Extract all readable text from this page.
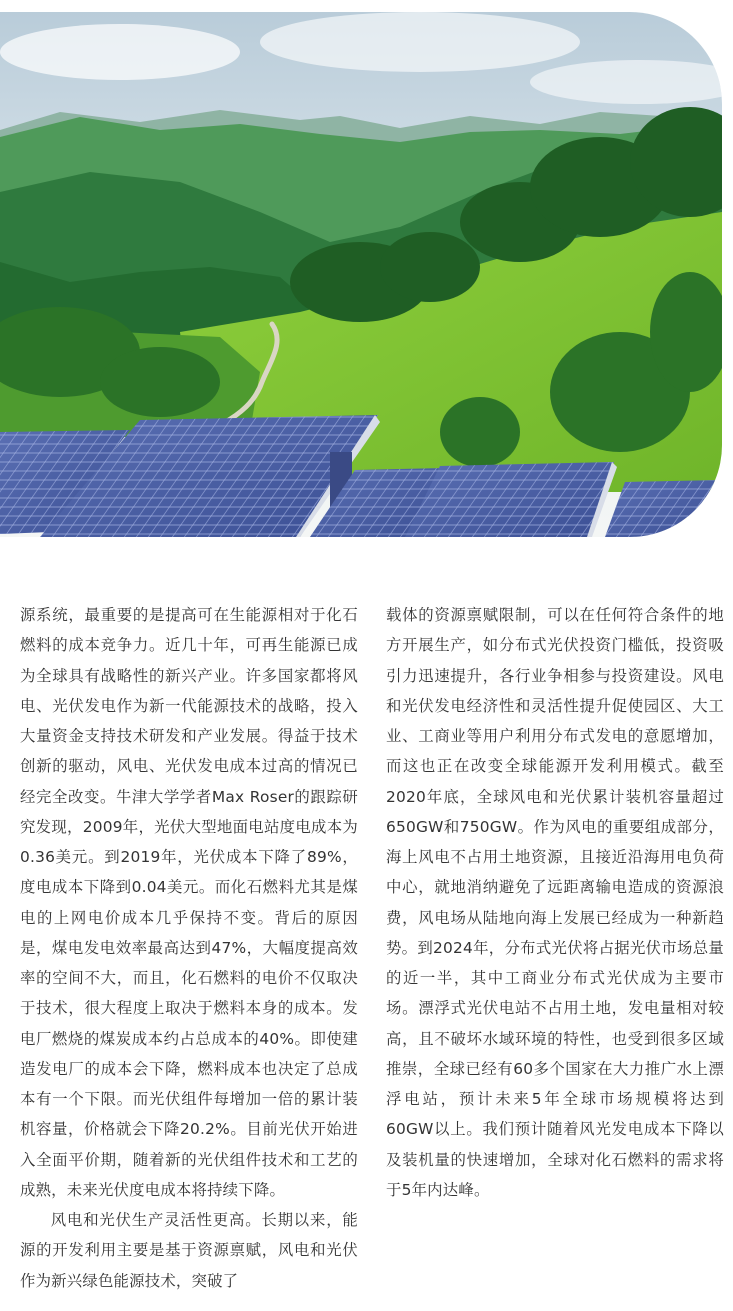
源系统，最重要的是提高可在生能源相对于化石燃料的成本竞争力。近几十年，可再生能源已成为全球具有战略性的新兴产业。许多国家都将风电、光伏发电作为新一代能源技术的战略，投入大量资金支持技术研发和产业发展。得益于技术创新的驱动，风电、光伏发电成本过高的情况已经完全改变。牛津大学学者Max Roser的跟踪研究发现，2009年，光伏大型地面电站度电成本为0.36美元。到2019年，光伏成本下降了89%，度电成本下降到0.04美元。而化石燃料尤其是煤电的上网电价成本几乎保持不变。背后的原因是，煤电发电效率最高达到47%，大幅度提高效率的空间不大，而且，化石燃料的电价不仅取决于技术，很大程度上取决于燃料本身的成本。发电厂燃烧的煤炭成本约占总成本的40%。即使建造发电厂的成本会下降，燃料成本也决定了总成本有一个下限。而光伏组件每增加一倍的累计装机容量，价格就会下降20.2%。目前光伏开始进入全面平价期，随着新的光伏组件技术和工艺的成熟，未来光伏度电成本将持续下降。

风电和光伏生产灵活性更高。长期以来，能源的开发利用主要是基于资源禀赋，风电和光伏作为新兴绿色能源技术，突破了

载体的资源禀赋限制，可以在任何符合条件的地方开展生产，如分布式光伏投资门槛低，投资吸引力迅速提升，各行业争相参与投资建设。风电和光伏发电经济性和灵活性提升促使园区、大工业、工商业等用户利用分布式发电的意愿增加，而这也正在改变全球能源开发利用模式。截至2020年底，全球风电和光伏累计装机容量超过650GW和750GW。作为风电的重要组成部分，海上风电不占用土地资源，且接近沿海用电负荷中心，就地消纳避免了远距离输电造成的资源浪费，风电场从陆地向海上发展已经成为一种新趋势。到2024年，分布式光伏将占据光伏市场总量的近一半，其中工商业分布式光伏成为主要市场。漂浮式光伏电站不占用土地，发电量相对较高，且不破坏水域环境的特性，也受到很多区域推崇，全球已经有60多个国家在大力推广水上漂浮电站，预计未来5年全球市场规模将达到60GW以上。我们预计随着风光发电成本下降以及装机量的快速增加，全球对化石燃料的需求将于5年内达峰。
